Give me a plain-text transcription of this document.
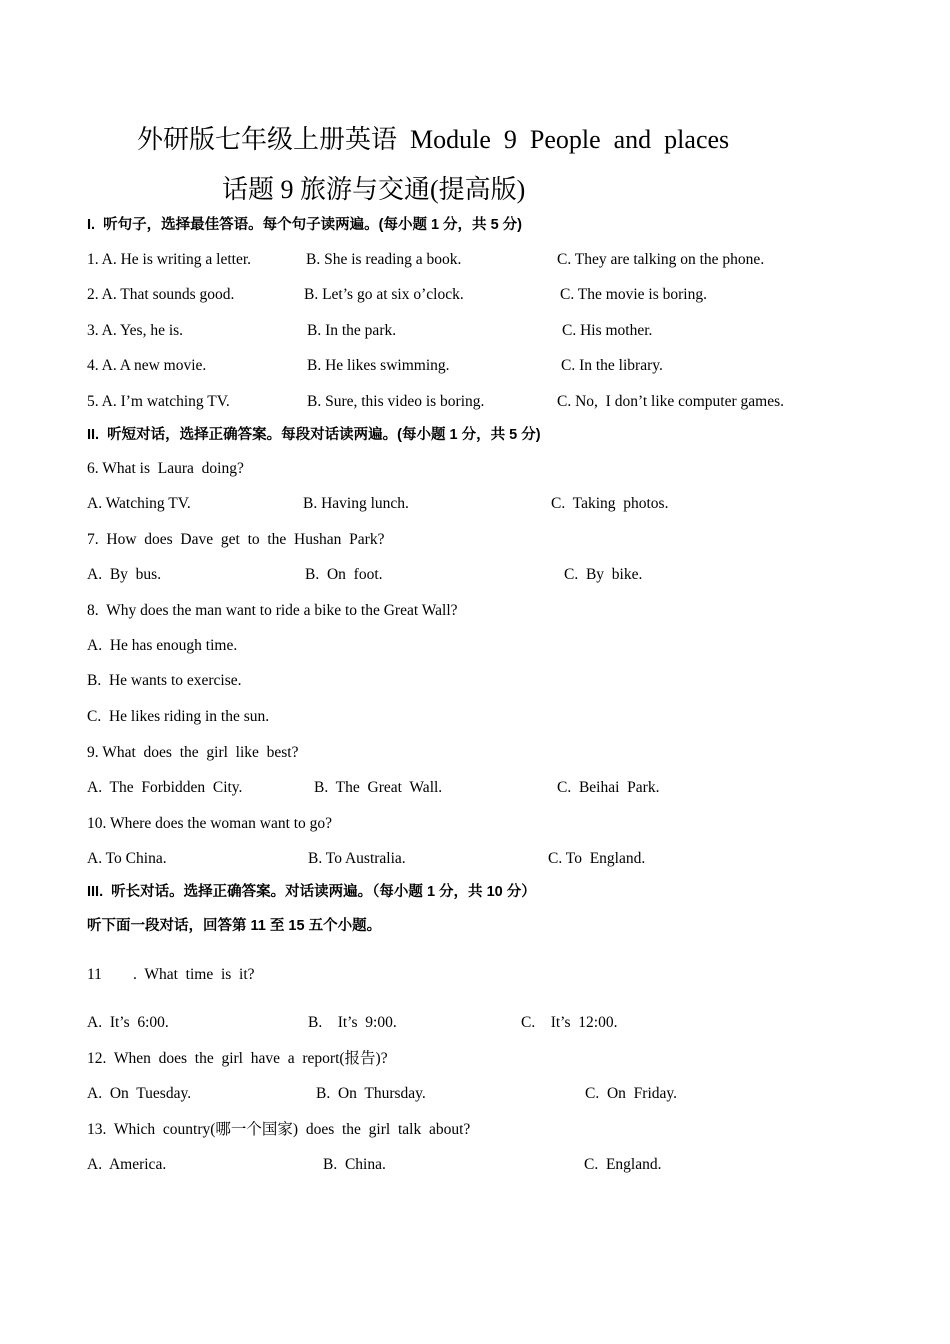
外研版七年级上册英语  Module  9  People  and  places
话题 9 旅游与交通(提高版)
I.  听句子，选择最佳答语。每个句子读两遍。(每小题 1 分，共 5 分)
1. A. He is writing a letter.	B. She is reading a book.	C. They are talking on the phone.
2. A. That sounds good.	B. Let’s go at six o’clock.	C. The movie is boring.
3. A. Yes, he is.	B. In the park.	C. His mother.
4. A. A new movie.	B. He likes swimming.	C. In the library.
5. A. I’m watching TV.	B. Sure, this video is boring.	C. No,  I don’t like computer games.
II.  听短对话，选择正确答案。每段对话读两遍。(每小题 1 分，共 5 分)
6. What is  Laura  doing?
A. Watching TV.	B. Having lunch.	C.  Taking  photos.
7.  How  does  Dave  get  to  the  Hushan  Park?
A.  By  bus.	B.  On  foot.	C.  By  bike.
8.  Why does the man want to ride a bike to the Great Wall?
A.  He has enough time.
B.  He wants to exercise.
C.  He likes riding in the sun.
9. What  does  the  girl  like  best?
A.  The  Forbidden  City.	B.  The  Great  Wall.	C.  Beihai  Park.
10. Where does the woman want to go?
A. To China.	B. To Australia.	C. To  England.
III.  听长对话。选择正确答案。对话读两遍。（每小题 1 分，共 10 分）
听下面一段对话，回答第 11 至 15 五个小题。
11 .  What  time  is  it?
A.  It’s  6:00.	B.    It’s  9:00.	C.    It’s  12:00.
12.  When  does  the  girl  have  a  report(报告)?
A.  On  Tuesday.	B.  On  Thursday.	C.  On  Friday.
13.  Which  country(哪一个国家)  does  the  girl  talk  about?
A.  America.	B.  China.	C.  England.
